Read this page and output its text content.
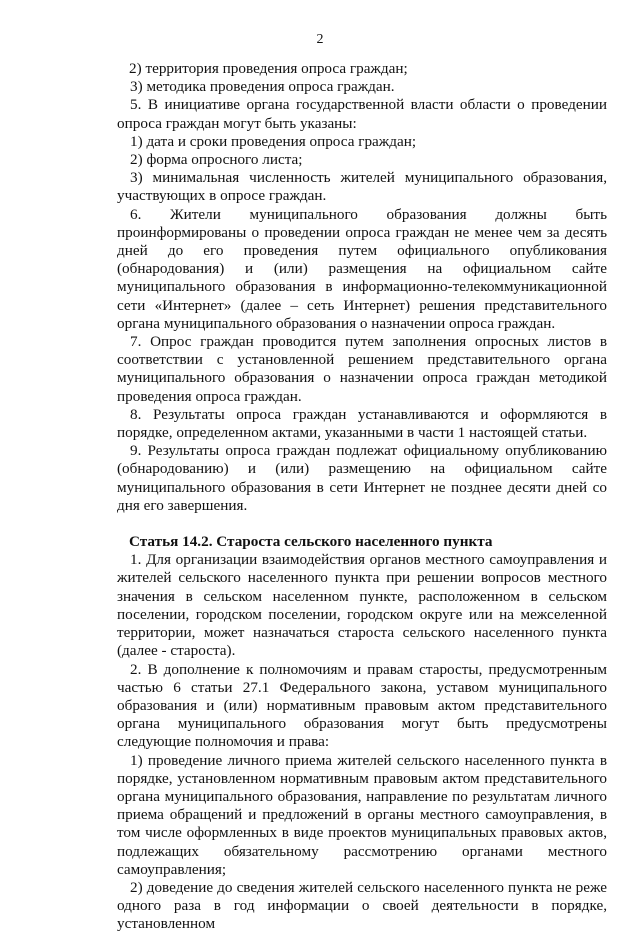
2

2) территория проведения опроса граждан;

3) методика проведения опроса граждан.

5. В инициативе органа государственной власти области о проведении опроса граждан могут быть указаны:

1) дата и сроки проведения опроса граждан;

2) форма опросного листа;

3) минимальная численность жителей муниципального образования, участвующих в опросе граждан.

6. Жители муниципального образования должны быть проинформированы о проведении опроса граждан не менее чем за десять дней до его проведения путем официального опубликования (обнародования) и (или) размещения на официальном сайте муниципального образования в информационно-телекоммуникационной сети «Интернет» (далее – сеть Интернет) решения представительного органа муниципального образования о назначении опроса граждан.

7. Опрос граждан проводится путем заполнения опросных листов в соответствии с установленной решением представительного органа муниципального образования о назначении опроса граждан методикой проведения опроса граждан.

8. Результаты опроса граждан устанавливаются и оформляются в порядке, определенном актами, указанными в части 1 настоящей статьи.

9. Результаты опроса граждан подлежат официальному опубликованию (обнародованию) и (или) размещению на официальном сайте муниципального образования в сети Интернет не позднее десяти дней со дня его завершения.

Статья 14.2. Староста сельского населенного пункта

1. Для организации взаимодействия органов местного самоуправления и жителей сельского населенного пункта при решении вопросов местного значения в сельском населенном пункте, расположенном в сельском поселении, городском поселении, городском округе или на межселенной территории, может назначаться староста сельского населенного пункта (далее - староста).

2. В дополнение к полномочиям и правам старосты, предусмотренным частью 6 статьи 27.1 Федерального закона, уставом муниципального образования и (или) нормативным правовым актом представительного органа муниципального образования могут быть предусмотрены следующие полномочия и права:

1) проведение личного приема жителей сельского населенного пункта в порядке, установленном нормативным правовым актом представительного органа муниципального образования, направление по результатам личного приема обращений и предложений в органы местного самоуправления, в том числе оформленных в виде проектов муниципальных правовых актов, подлежащих обязательному рассмотрению органами местного самоуправления;

2) доведение до сведения жителей сельского населенного пункта не реже одного раза в год информации о своей деятельности в порядке, установленном
